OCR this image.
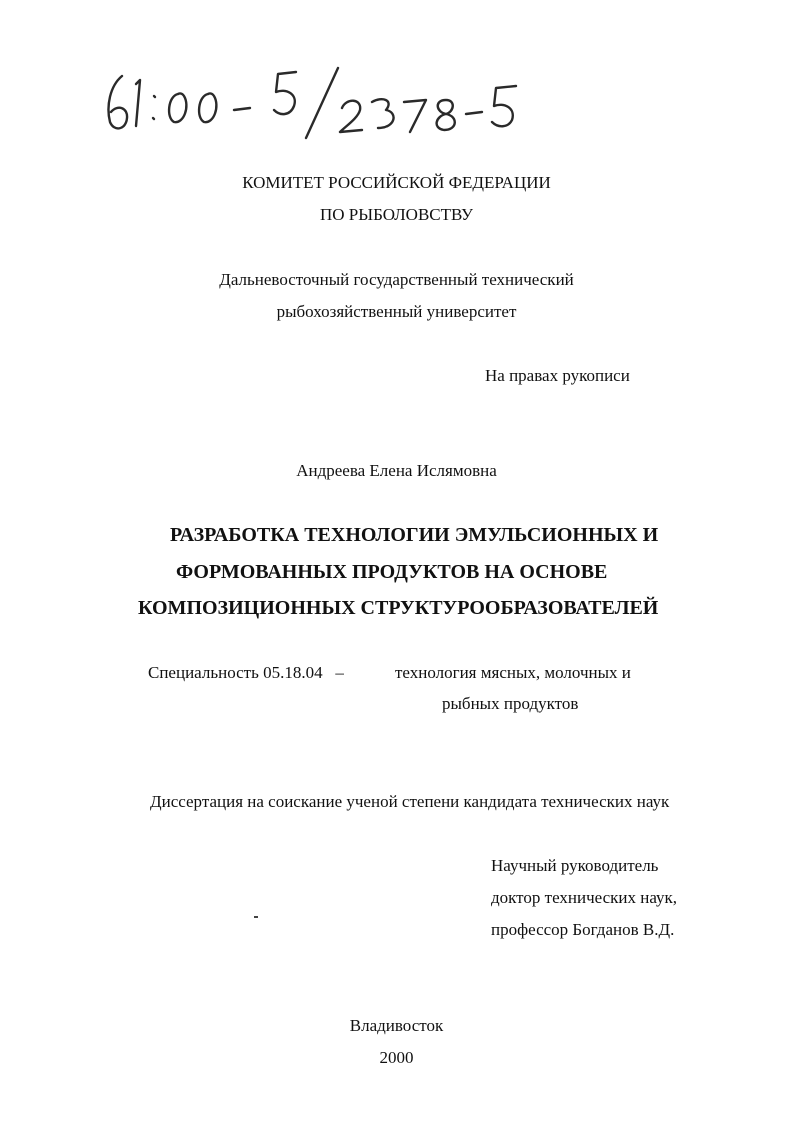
КОМИТЕТ РОССИЙСКОЙ ФЕДЕРАЦИИ
ПО РЫБОЛОВСТВУ
Дальневосточный государственный технический
рыбохозяйственный университет
На правах рукописи
Андреева Елена Ислямовна
РАЗРАБОТКА ТЕХНОЛОГИИ ЭМУЛЬСИОННЫХ И
ФОРМОВАННЫХ ПРОДУКТОВ НА ОСНОВЕ
КОМПОЗИЦИОННЫХ СТРУКТУРООБРАЗОВАТЕЛЕЙ
Специальность 05.18.04   –	технология мясных, молочных и
рыбных продуктов
Диссертация на соискание ученой степени кандидата технических наук
Научный руководитель
доктор технических наук,
профессор Богданов В.Д.
Владивосток
2000
